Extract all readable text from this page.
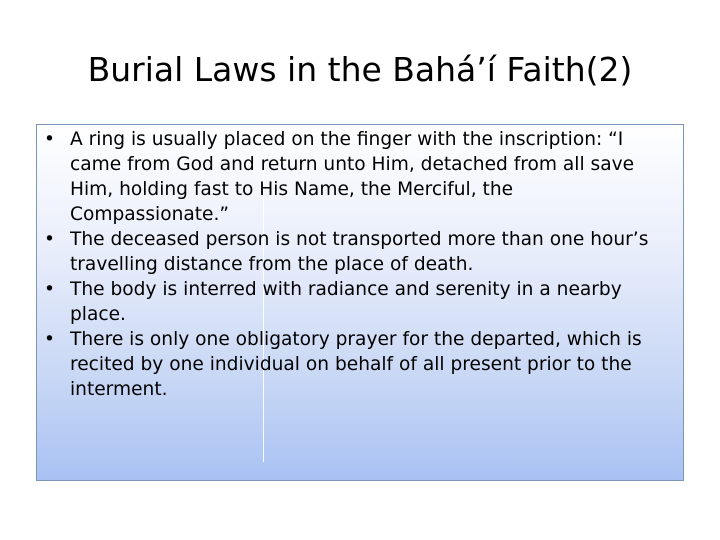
Burial Laws in the Bahá’í Faith(2)
• A ring is usually placed on the finger with the inscription: “I came from God and return unto Him, detached from all save Him, holding fast to His Name, the Merciful, the Compassionate.”
• The deceased person is not transported more than one hour’s travelling distance from the place of death.
• The body is interred with radiance and serenity in a nearby place.
• There is only one obligatory prayer for the departed, which is recited by one individual on behalf of all present prior to the interment.
